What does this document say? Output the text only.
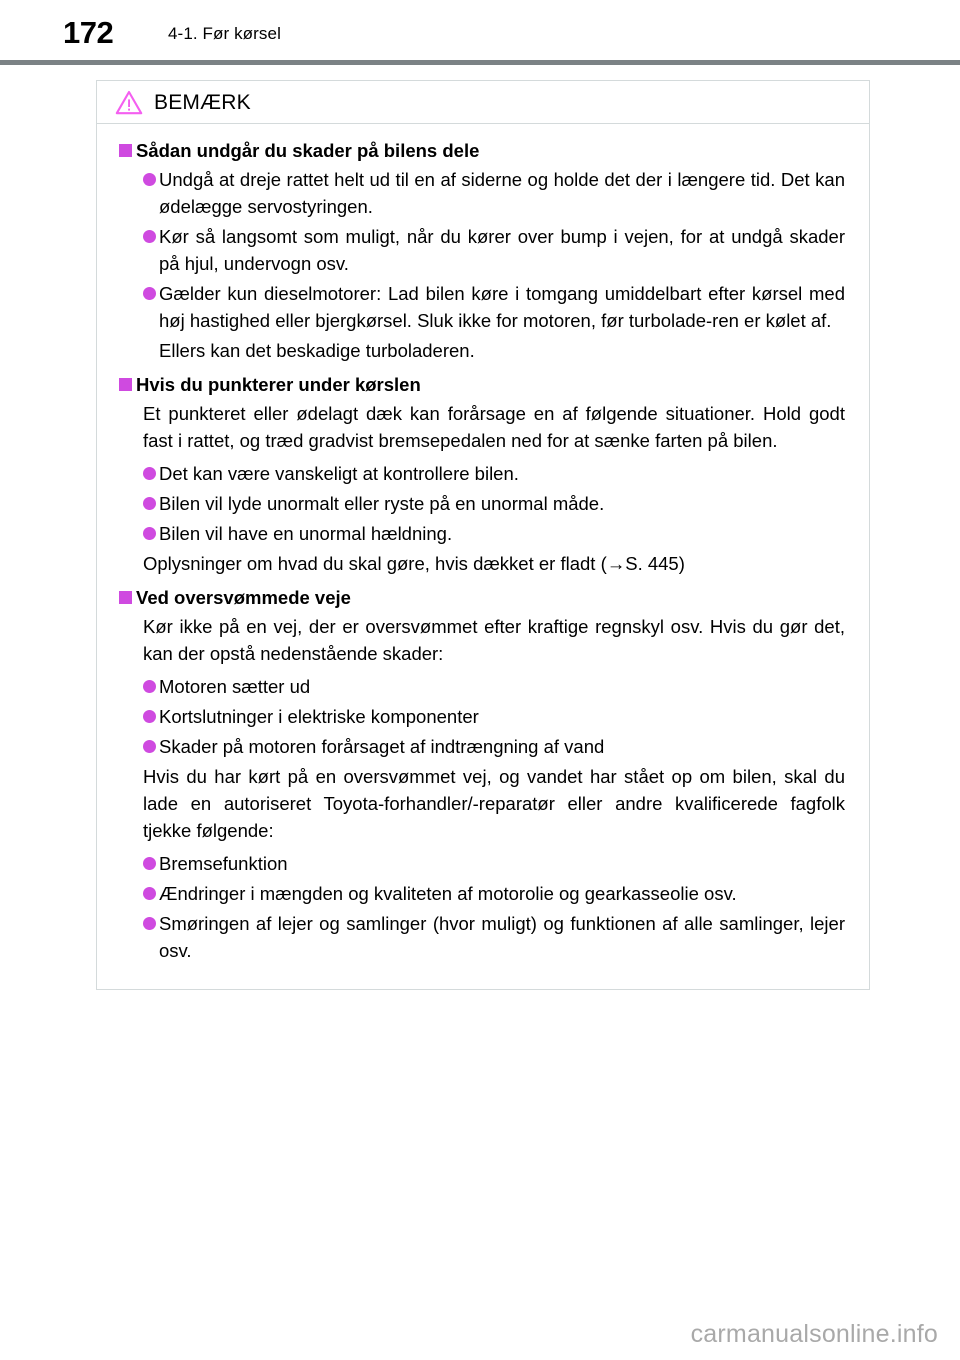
172	4-1. Før kørsel
BEMÆRK
Sådan undgår du skader på bilens dele
Undgå at dreje rattet helt ud til en af siderne og holde det der i længere tid. Det kan ødelægge servostyringen.
Kør så langsomt som muligt, når du kører over bump i vejen, for at undgå skader på hjul, undervogn osv.
Gælder kun dieselmotorer: Lad bilen køre i tomgang umiddelbart efter kørsel med høj hastighed eller bjergkørsel. Sluk ikke for motoren, før turbolade-ren er kølet af.
Ellers kan det beskadige turboladeren.
Hvis du punkterer under kørslen
Et punkteret eller ødelagt dæk kan forårsage en af følgende situationer. Hold godt fast i rattet, og træd gradvist bremsepedalen ned for at sænke farten på bilen.
Det kan være vanskeligt at kontrollere bilen.
Bilen vil lyde unormalt eller ryste på en unormal måde.
Bilen vil have en unormal hældning.
Oplysninger om hvad du skal gøre, hvis dækket er fladt (→S. 445)
Ved oversvømmede veje
Kør ikke på en vej, der er oversvømmet efter kraftige regnskyl osv. Hvis du gør det, kan der opstå nedenstående skader:
Motoren sætter ud
Kortslutninger i elektriske komponenter
Skader på motoren forårsaget af indtrængning af vand
Hvis du har kørt på en oversvømmet vej, og vandet har stået op om bilen, skal du lade en autoriseret Toyota-forhandler/-reparatør eller andre kvalificerede fagfolk tjekke følgende:
Bremsefunktion
Ændringer i mængden og kvaliteten af motorolie og gearkasseolie osv.
Smøringen af lejer og samlinger (hvor muligt) og funktionen af alle samlinger, lejer osv.
carmanualsonline.info
